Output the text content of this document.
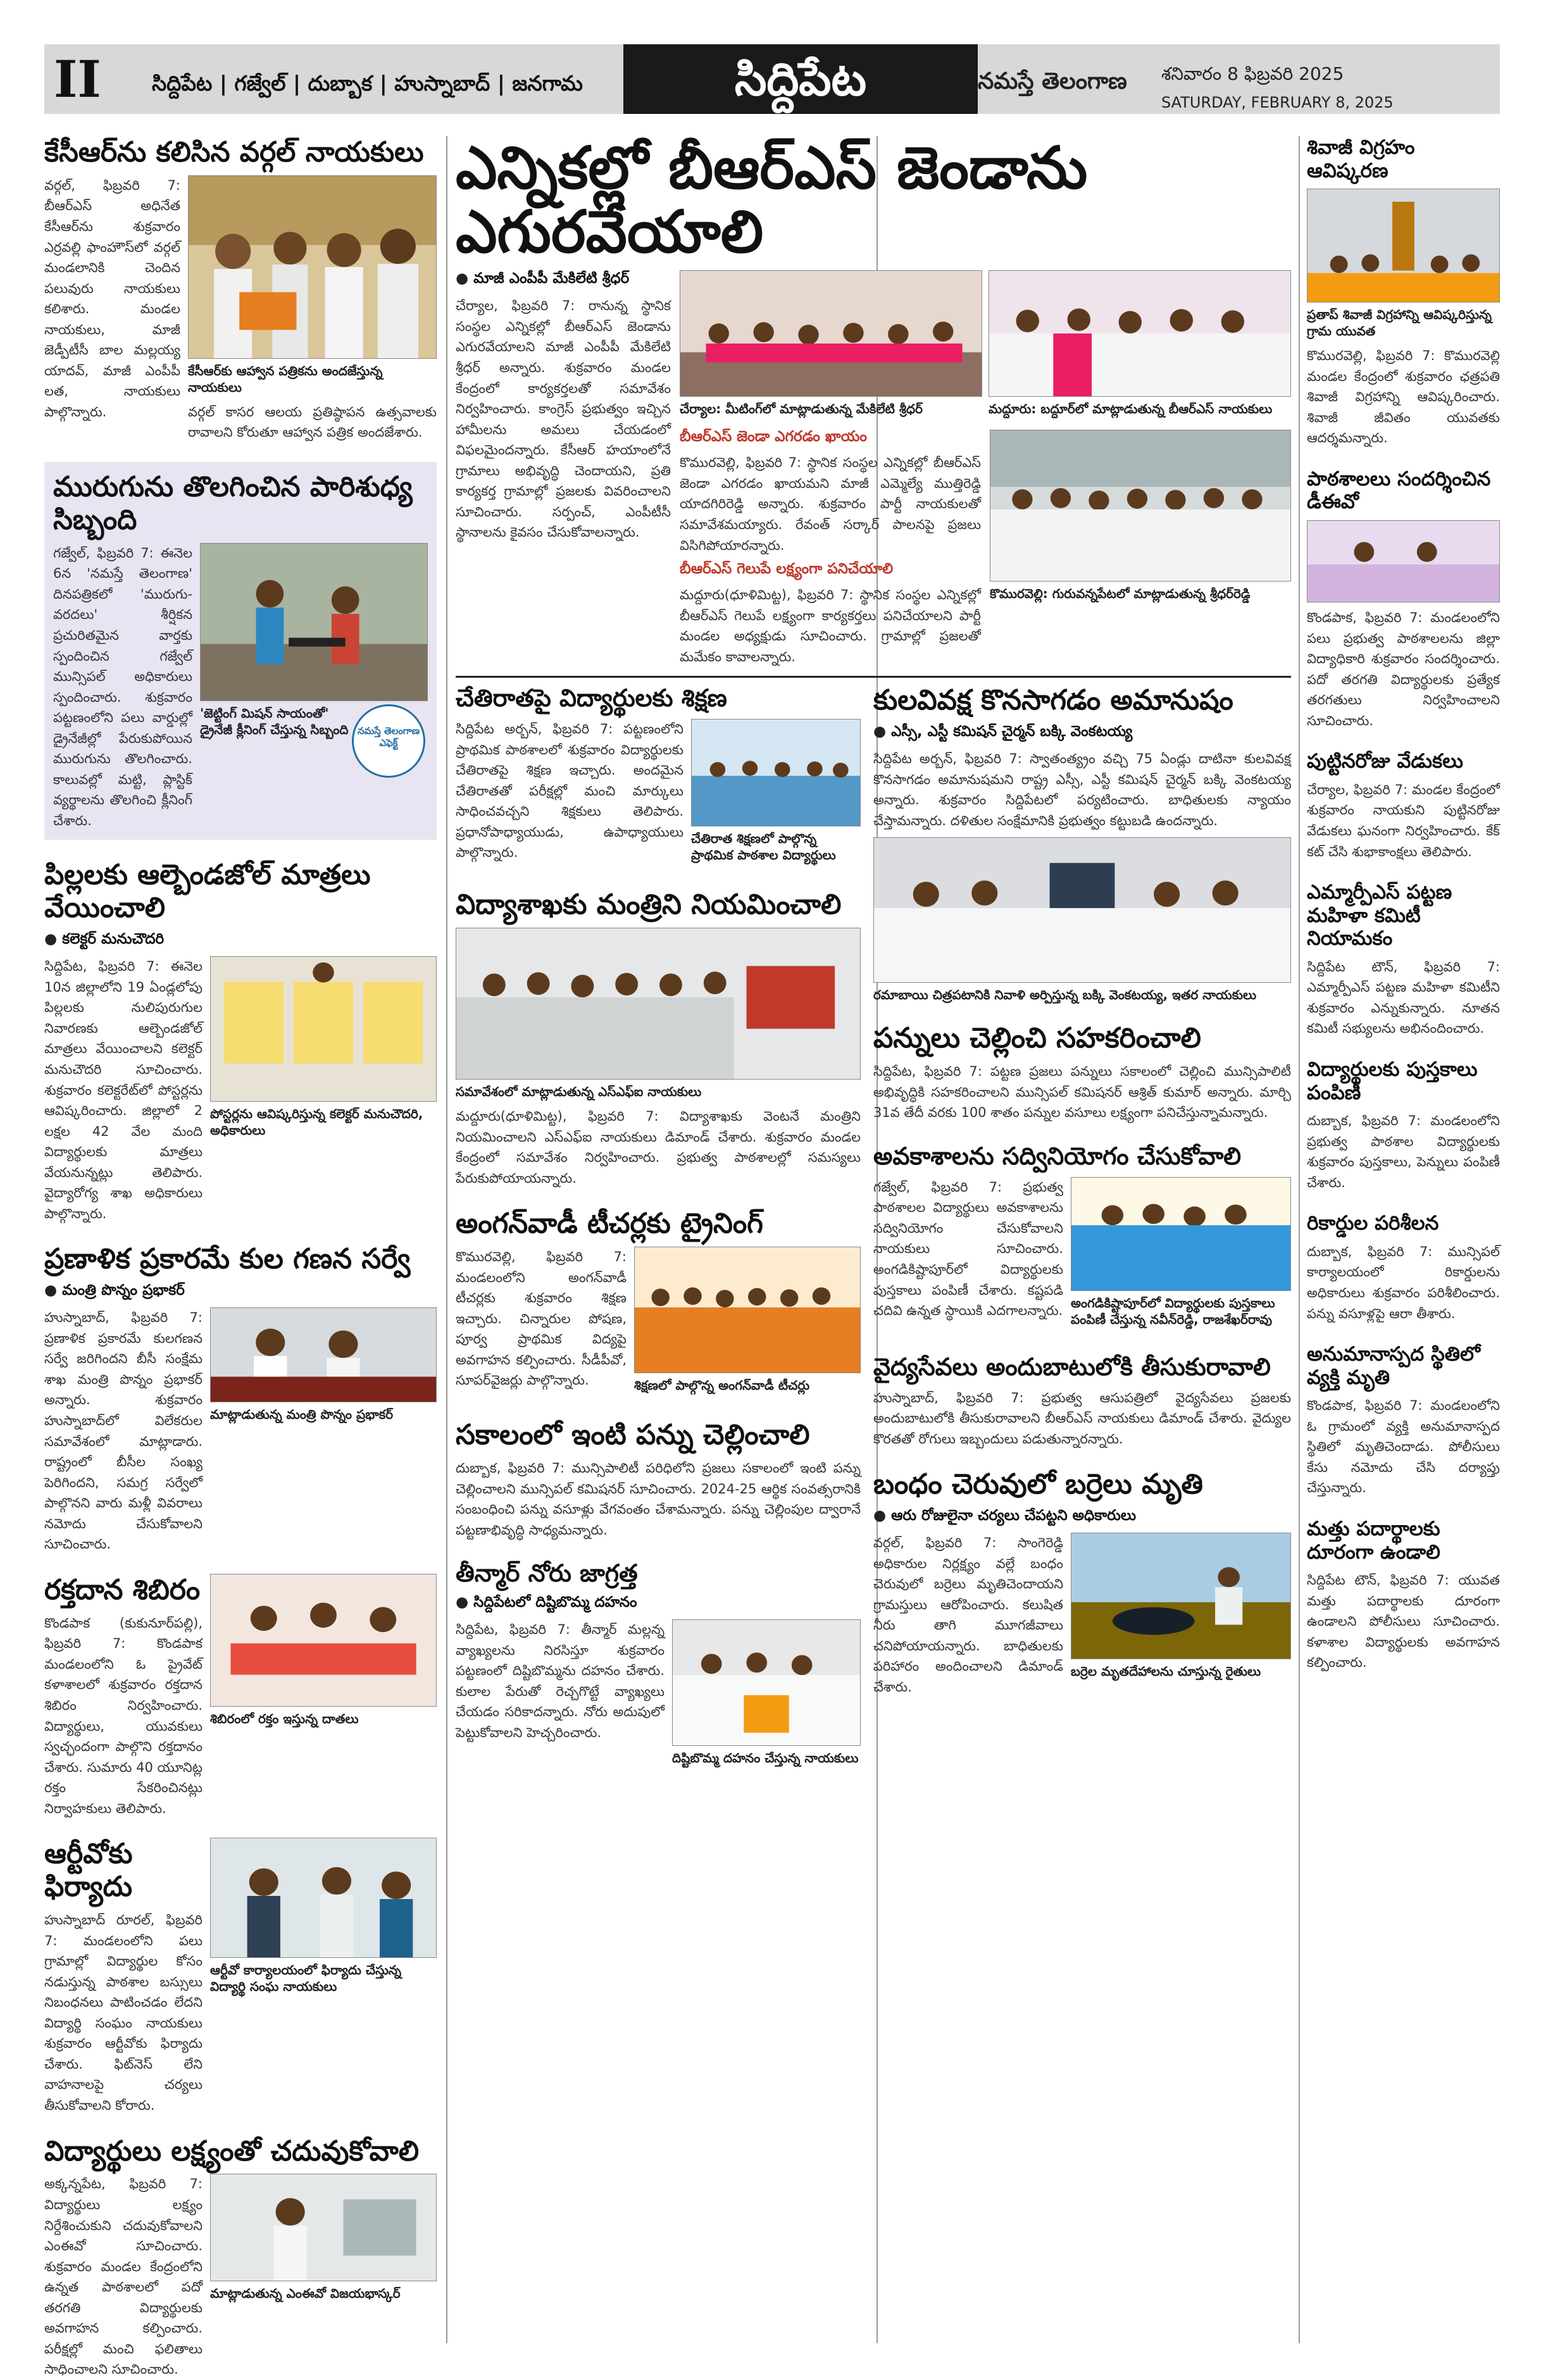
II సిద్దిపేట | గజ్వేల్ | దుబ్బాక | హుస్నాబాద్ | జనగామ	సిద్దిపేట	నమస్తే తెలంగాణ శనివారం 8 ఫిబ్రవరి 2025
SATURDAY, FEBRUARY 8, 2025
కేసీఆర్‌ను కలిసిన వర్గల్ నాయకులు

వర్గల్, ఫిబ్రవరి 7: బీఆర్ఎస్ అధినేత కేసీఆర్‌ను శుక్రవారం ఎర్రవల్లి ఫాంహౌస్‌లో వర్గల్ మండలానికి చెందిన పలువురు నాయకులు కలిశారు. మండల నాయకులు, మాజీ జెడ్పీటీసీ బాల మల్లయ్య యాదవ్, మాజీ ఎంపీపీ లత, నాయకులు పాల్గొన్నారు.

కేసీఆర్‌కు ఆహ్వాన పత్రికను అందజేస్తున్న నాయకులు

వర్గల్ కాసర ఆలయ ప్రతిష్ఠాపన ఉత్సవాలకు రావాలని కోరుతూ ఆహ్వాన పత్రిక అందజేశారు.

మురుగును తొలగించిన పారిశుధ్య సిబ్బంది

గజ్వేల్, ఫిబ్రవరి 7: ఈనెల 6న 'నమస్తే తెలంగాణ' దినపత్రికలో 'మురుగు-వరదలు' శీర్షికన ప్రచురితమైన వార్తకు స్పందించిన గజ్వేల్ మున్సిపల్ అధికారులు స్పందించారు. శుక్రవారం పట్టణంలోని పలు వార్డుల్లో డ్రైనేజీల్లో పేరుకుపోయిన మురుగును తొలగించారు. కాలువల్లో మట్టి, ప్లాస్టిక్ వ్యర్థాలను తొలగించి క్లీనింగ్ చేశారు.

'జెట్టింగ్ మిషన్ సాయంతో' డ్రైనేజీ క్లీనింగ్ చేస్తున్న సిబ్బంది నమస్తే తెలంగాణ ఎఫెక్ట్
పిల్లలకు ఆల్బెండజోల్ మాత్రలు వేయించాలి
● కలెక్టర్ మనుచౌదరి

సిద్దిపేట, ఫిబ్రవరి 7: ఈనెల 10న జిల్లాలోని 19 ఏండ్లలోపు పిల్లలకు నులిపురుగుల నివారణకు ఆల్బెండజోల్ మాత్రలు వేయించాలని కలెక్టర్ మనుచౌదరి సూచించారు. శుక్రవారం కలెక్టరేట్‌లో పోస్టర్లను ఆవిష్కరించారు. జిల్లాలో 2 లక్షల 42 వేల మంది విద్యార్థులకు మాత్రలు వేయనున్నట్లు తెలిపారు. వైద్యారోగ్య శాఖ అధికారులు పాల్గొన్నారు.

పోస్టర్లను ఆవిష్కరిస్తున్న కలెక్టర్ మనుచౌదరి, అధికారులు
ప్రణాళిక ప్రకారమే కుల గణన సర్వే
● మంత్రి పొన్నం ప్రభాకర్

హుస్నాబాద్, ఫిబ్రవరి 7: ప్రణాళిక ప్రకారమే కులగణన సర్వే జరిగిందని బీసీ సంక్షేమ శాఖ మంత్రి పొన్నం ప్రభాకర్ అన్నారు. శుక్రవారం హుస్నాబాద్‌లో విలేకరుల సమావేశంలో మాట్లాడారు. రాష్ట్రంలో బీసీల సంఖ్య పెరిగిందని, సమగ్ర సర్వేలో పాల్గొనని వారు మళ్లీ వివరాలు నమోదు చేసుకోవాలని సూచించారు.

మాట్లాడుతున్న మంత్రి పొన్నం ప్రభాకర్
రక్తదాన శిబిరం

కొండపాక (కుకునూర్‌పల్లి), ఫిబ్రవరి 7: కొండపాక మండలంలోని ఓ ప్రైవేట్ కళాశాలలో శుక్రవారం రక్తదాన శిబిరం నిర్వహించారు. విద్యార్థులు, యువకులు స్వచ్ఛందంగా పాల్గొని రక్తదానం చేశారు. సుమారు 40 యూనిట్ల రక్తం సేకరించినట్లు నిర్వాహకులు తెలిపారు.

శిబిరంలో రక్తం ఇస్తున్న దాతలు
ఆర్టీవోకు ఫిర్యాదు

హుస్నాబాద్ రూరల్, ఫిబ్రవరి 7: మండలంలోని పలు గ్రామాల్లో విద్యార్థుల కోసం నడుస్తున్న పాఠశాల బస్సులు నిబంధనలు పాటించడం లేదని విద్యార్థి సంఘం నాయకులు శుక్రవారం ఆర్టీవోకు ఫిర్యాదు చేశారు. ఫిట్‌నెస్ లేని వాహనాలపై చర్యలు తీసుకోవాలని కోరారు.

ఆర్టీవో కార్యాలయంలో ఫిర్యాదు చేస్తున్న విద్యార్థి సంఘ నాయకులు
విద్యార్థులు లక్ష్యంతో చదువుకోవాలి

అక్కన్నపేట, ఫిబ్రవరి 7: విద్యార్థులు లక్ష్యం నిర్దేశించుకుని చదువుకోవాలని ఎంఈవో సూచించారు. శుక్రవారం మండల కేంద్రంలోని ఉన్నత పాఠశాలలో పదో తరగతి విద్యార్థులకు అవగాహన కల్పించారు. పరీక్షల్లో మంచి ఫలితాలు సాధించాలని సూచించారు.

మాట్లాడుతున్న ఎంఈవో విజయభాస్కర్
ఎన్నికల్లో బీఆర్ఎస్ జెండాను ఎగురవేయాలి
● మాజీ ఎంపీపీ మేకిలేటి శ్రీధర్

చేర్యాల, ఫిబ్రవరి 7: రానున్న స్థానిక సంస్థల ఎన్నికల్లో బీఆర్ఎస్ జెండాను ఎగురవేయాలని మాజీ ఎంపీపీ మేకిలేటి శ్రీధర్ అన్నారు. శుక్రవారం మండల కేంద్రంలో కార్యకర్తలతో సమావేశం నిర్వహించారు. కాంగ్రెస్ ప్రభుత్వం ఇచ్చిన హామీలను అమలు చేయడంలో విఫలమైందన్నారు. కేసీఆర్ హయాంలోనే గ్రామాలు అభివృద్ధి చెందాయని, ప్రతి కార్యకర్త గ్రామాల్లో ప్రజలకు వివరించాలని సూచించారు. సర్పంచ్, ఎంపీటీసీ స్థానాలను కైవసం చేసుకోవాలన్నారు.

చేర్యాల: మీటింగ్‌లో మాట్లాడుతున్న మేకిలేటి శ్రీధర్	మద్దూరు: బద్దూర్‌లో మాట్లాడుతున్న బీఆర్ఎస్ నాయకులు
బీఆర్ఎస్ జెండా ఎగరడం ఖాయం

కొమురవెల్లి, ఫిబ్రవరి 7: స్థానిక సంస్థల ఎన్నికల్లో బీఆర్ఎస్ జెండా ఎగరడం ఖాయమని మాజీ ఎమ్మెల్యే ముత్తిరెడ్డి యాదగిరిరెడ్డి అన్నారు. శుక్రవారం పార్టీ నాయకులతో సమావేశమయ్యారు. రేవంత్ సర్కార్ పాలనపై ప్రజలు విసిగిపోయారన్నారు.

బీఆర్ఎస్ గెలుపే లక్ష్యంగా పనిచేయాలి

మద్దూరు(ధూళిమిట్ట), ఫిబ్రవరి 7: స్థానిక సంస్థల ఎన్నికల్లో బీఆర్ఎస్ గెలుపే లక్ష్యంగా కార్యకర్తలు పనిచేయాలని పార్టీ మండల అధ్యక్షుడు సూచించారు. గ్రామాల్లో ప్రజలతో మమేకం కావాలన్నారు.

కొమురవెల్లి: గురువన్నపేటలో మాట్లాడుతున్న శ్రీధర్‌రెడ్డి
చేతిరాతపై విద్యార్థులకు శిక్షణ

సిద్దిపేట అర్బన్, ఫిబ్రవరి 7: పట్టణంలోని ప్రాథమిక పాఠశాలలో శుక్రవారం విద్యార్థులకు చేతిరాతపై శిక్షణ ఇచ్చారు. అందమైన చేతిరాతతో పరీక్షల్లో మంచి మార్కులు సాధించవచ్చని శిక్షకులు తెలిపారు. ప్రధానోపాధ్యాయుడు, ఉపాధ్యాయులు పాల్గొన్నారు.

చేతిరాత శిక్షణలో పాల్గొన్న ప్రాథమిక పాఠశాల విద్యార్థులు
విద్యాశాఖకు మంత్రిని నియమించాలి
సమావేశంలో మాట్లాడుతున్న ఎస్ఎఫ్ఐ నాయకులు

మద్దూరు(ధూళిమిట్ట), ఫిబ్రవరి 7: విద్యాశాఖకు వెంటనే మంత్రిని నియమించాలని ఎస్ఎఫ్ఐ నాయకులు డిమాండ్ చేశారు. శుక్రవారం మండల కేంద్రంలో సమావేశం నిర్వహించారు. ప్రభుత్వ పాఠశాలల్లో సమస్యలు పేరుకుపోయాయన్నారు.

అంగన్‌వాడీ టీచర్లకు ట్రైనింగ్

కొమురవెల్లి, ఫిబ్రవరి 7: మండలంలోని అంగన్‌వాడీ టీచర్లకు శుక్రవారం శిక్షణ ఇచ్చారు. చిన్నారుల పోషణ, పూర్వ ప్రాథమిక విద్యపై అవగాహన కల్పించారు. సీడీపీవో, సూపర్‌వైజర్లు పాల్గొన్నారు.	శిక్షణలో పాల్గొన్న అంగన్‌వాడీ టీచర్లు
సకాలంలో ఇంటి పన్ను చెల్లించాలి

దుబ్బాక, ఫిబ్రవరి 7: మున్సిపాలిటీ పరిధిలోని ప్రజలు సకాలంలో ఇంటి పన్ను చెల్లించాలని మున్సిపల్ కమిషనర్ సూచించారు. 2024-25 ఆర్థిక సంవత్సరానికి సంబంధించి పన్ను వసూళ్లు వేగవంతం చేశామన్నారు. పన్ను చెల్లింపుల ద్వారానే పట్టణాభివృద్ధి సాధ్యమన్నారు.

తీన్మార్ నోరు జాగ్రత్త
● సిద్దిపేటలో దిష్టిబొమ్మ దహనం

సిద్దిపేట, ఫిబ్రవరి 7: తీన్మార్ మల్లన్న వ్యాఖ్యలను నిరసిస్తూ శుక్రవారం పట్టణంలో దిష్టిబొమ్మను దహనం చేశారు. కులాల పేరుతో రెచ్చగొట్టే వ్యాఖ్యలు చేయడం సరికాదన్నారు. నోరు అదుపులో పెట్టుకోవాలని హెచ్చరించారు.

దిష్టిబొమ్మ దహనం చేస్తున్న నాయకులు
కులవివక్ష కొనసాగడం అమానుషం
● ఎస్సీ, ఎస్టీ కమిషన్ చైర్మన్ బక్కి వెంకటయ్య

సిద్దిపేట అర్బన్, ఫిబ్రవరి 7: స్వాతంత్య్రం వచ్చి 75 ఏండ్లు దాటినా కులవివక్ష కొనసాగడం అమానుషమని రాష్ట్ర ఎస్సీ, ఎస్టీ కమిషన్ చైర్మన్ బక్కి వెంకటయ్య అన్నారు. శుక్రవారం సిద్దిపేటలో పర్యటించారు. బాధితులకు న్యాయం చేస్తామన్నారు. దళితుల సంక్షేమానికి ప్రభుత్వం కట్టుబడి ఉందన్నారు.

రమాబాయి చిత్రపటానికి నివాళి అర్పిస్తున్న బక్కి వెంకటయ్య, ఇతర నాయకులు
పన్నులు చెల్లించి సహకరించాలి

సిద్దిపేట, ఫిబ్రవరి 7: పట్టణ ప్రజలు పన్నులు సకాలంలో చెల్లించి మున్సిపాలిటీ అభివృద్ధికి సహకరించాలని మున్సిపల్ కమిషనర్ ఆశ్రిత్ కుమార్ అన్నారు. మార్చి 31వ తేదీ వరకు 100 శాతం పన్నుల వసూలు లక్ష్యంగా పనిచేస్తున్నామన్నారు.

అవకాశాలను సద్వినియోగం చేసుకోవాలి

గజ్వేల్, ఫిబ్రవరి 7: ప్రభుత్వ పాఠశాలల విద్యార్థులు అవకాశాలను సద్వినియోగం చేసుకోవాలని నాయకులు సూచించారు. అంగడికిష్టాపూర్‌లో విద్యార్థులకు పుస్తకాలు పంపిణీ చేశారు. కష్టపడి చదివి ఉన్నత స్థాయికి ఎదగాలన్నారు.

అంగడికిష్టాపూర్‌లో విద్యార్థులకు పుస్తకాలు పంపిణీ చేస్తున్న నవీన్‌రెడ్డి, రాజశేఖర్‌రావు
వైద్యసేవలు అందుబాటులోకి తీసుకురావాలి

హుస్నాబాద్, ఫిబ్రవరి 7: ప్రభుత్వ ఆసుపత్రిలో వైద్యసేవలు ప్రజలకు అందుబాటులోకి తీసుకురావాలని బీఆర్ఎస్ నాయకులు డిమాండ్ చేశారు. వైద్యుల కొరతతో రోగులు ఇబ్బందులు పడుతున్నారన్నారు.

బంధం చెరువులో బర్రెలు మృతి
● ఆరు రోజులైనా చర్యలు చేపట్టని అధికారులు

వర్గల్, ఫిబ్రవరి 7: సాంగెరెడ్డి అధికారుల నిర్లక్ష్యం వల్లే బంధం చెరువులో బర్రెలు మృతిచెందాయని గ్రామస్తులు ఆరోపించారు. కలుషిత నీరు తాగి మూగజీవాలు చనిపోయాయన్నారు. బాధితులకు పరిహారం అందించాలని డిమాండ్ చేశారు.

బర్రెల మృతదేహాలను చూస్తున్న రైతులు
శివాజీ విగ్రహం ఆవిష్కరణ
ప్రతాప్ శివాజీ విగ్రహాన్ని ఆవిష్కరిస్తున్న గ్రామ యువత

కొమురవెల్లి, ఫిబ్రవరి 7: కొమురవెల్లి మండల కేంద్రంలో శుక్రవారం ఛత్రపతి శివాజీ విగ్రహాన్ని ఆవిష్కరించారు. శివాజీ జీవితం యువతకు ఆదర్శమన్నారు.

పాఠశాలలు సందర్శించిన డీఈవో

కొండపాక, ఫిబ్రవరి 7: మండలంలోని పలు ప్రభుత్వ పాఠశాలలను జిల్లా విద్యాధికారి శుక్రవారం సందర్శించారు. పదో తరగతి విద్యార్థులకు ప్రత్యేక తరగతులు నిర్వహించాలని సూచించారు.

పుట్టినరోజు వేడుకలు

చేర్యాల, ఫిబ్రవరి 7: మండల కేంద్రంలో శుక్రవారం నాయకుని పుట్టినరోజు వేడుకలు ఘనంగా నిర్వహించారు. కేక్ కట్ చేసి శుభాకాంక్షలు తెలిపారు.

ఎమ్మార్పీఎస్ పట్టణ మహిళా కమిటీ నియామకం

సిద్దిపేట టౌన్, ఫిబ్రవరి 7: ఎమ్మార్పీఎస్ పట్టణ మహిళా కమిటీని శుక్రవారం ఎన్నుకున్నారు. నూతన కమిటీ సభ్యులను అభినందించారు.

విద్యార్థులకు పుస్తకాలు పంపిణీ

దుబ్బాక, ఫిబ్రవరి 7: మండలంలోని ప్రభుత్వ పాఠశాల విద్యార్థులకు శుక్రవారం పుస్తకాలు, పెన్నులు పంపిణీ చేశారు.

రికార్డుల పరిశీలన

దుబ్బాక, ఫిబ్రవరి 7: మున్సిపల్ కార్యాలయంలో రికార్డులను అధికారులు శుక్రవారం పరిశీలించారు. పన్ను వసూళ్లపై ఆరా తీశారు.

అనుమానాస్పద స్థితిలో వ్యక్తి మృతి

కొండపాక, ఫిబ్రవరి 7: మండలంలోని ఓ గ్రామంలో వ్యక్తి అనుమానాస్పద స్థితిలో మృతిచెందాడు. పోలీసులు కేసు నమోదు చేసి దర్యాప్తు చేస్తున్నారు.

మత్తు పదార్థాలకు దూరంగా ఉండాలి

సిద్దిపేట టౌన్, ఫిబ్రవరి 7: యువత మత్తు పదార్థాలకు దూరంగా ఉండాలని పోలీసులు సూచించారు. కళాశాల విద్యార్థులకు అవగాహన కల్పించారు.
